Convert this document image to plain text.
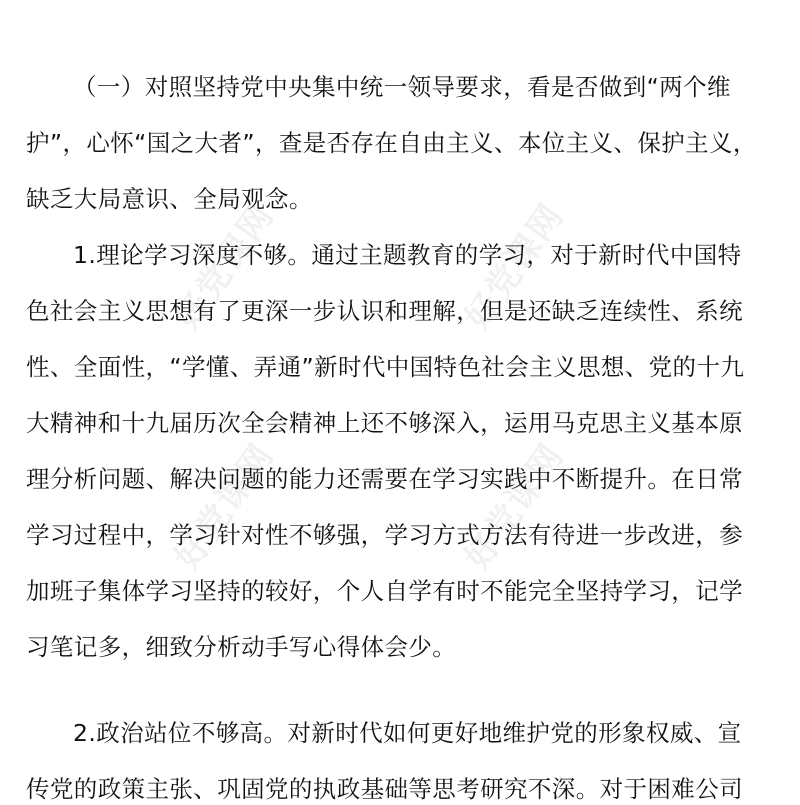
好党课网	好党课网
好党课网	好党课网
（一）对照坚持党中央集中统一领导要求，看是否做到“两个维
护”，心怀“国之大者”，查是否存在自由主义、本位主义、保护主义，
缺乏大局意识、全局观念。
1.理论学习深度不够。通过主题教育的学习，对于新时代中国特
色社会主义思想有了更深一步认识和理解，但是还缺乏连续性、系统
性、全面性，“学懂、弄通”新时代中国特色社会主义思想、党的十九
大精神和十九届历次全会精神上还不够深入，运用马克思主义基本原
理分析问题、解决问题的能力还需要在学习实践中不断提升。在日常
学习过程中，学习针对性不够强，学习方式方法有待进一步改进，参
加班子集体学习坚持的较好，个人自学有时不能完全坚持学习，记学
习笔记多，细致分析动手写心得体会少。
2.政治站位不够高。对新时代如何更好地维护党的形象权威、宣
传党的政策主张、巩固党的执政基础等思考研究不深。对于困难公司
